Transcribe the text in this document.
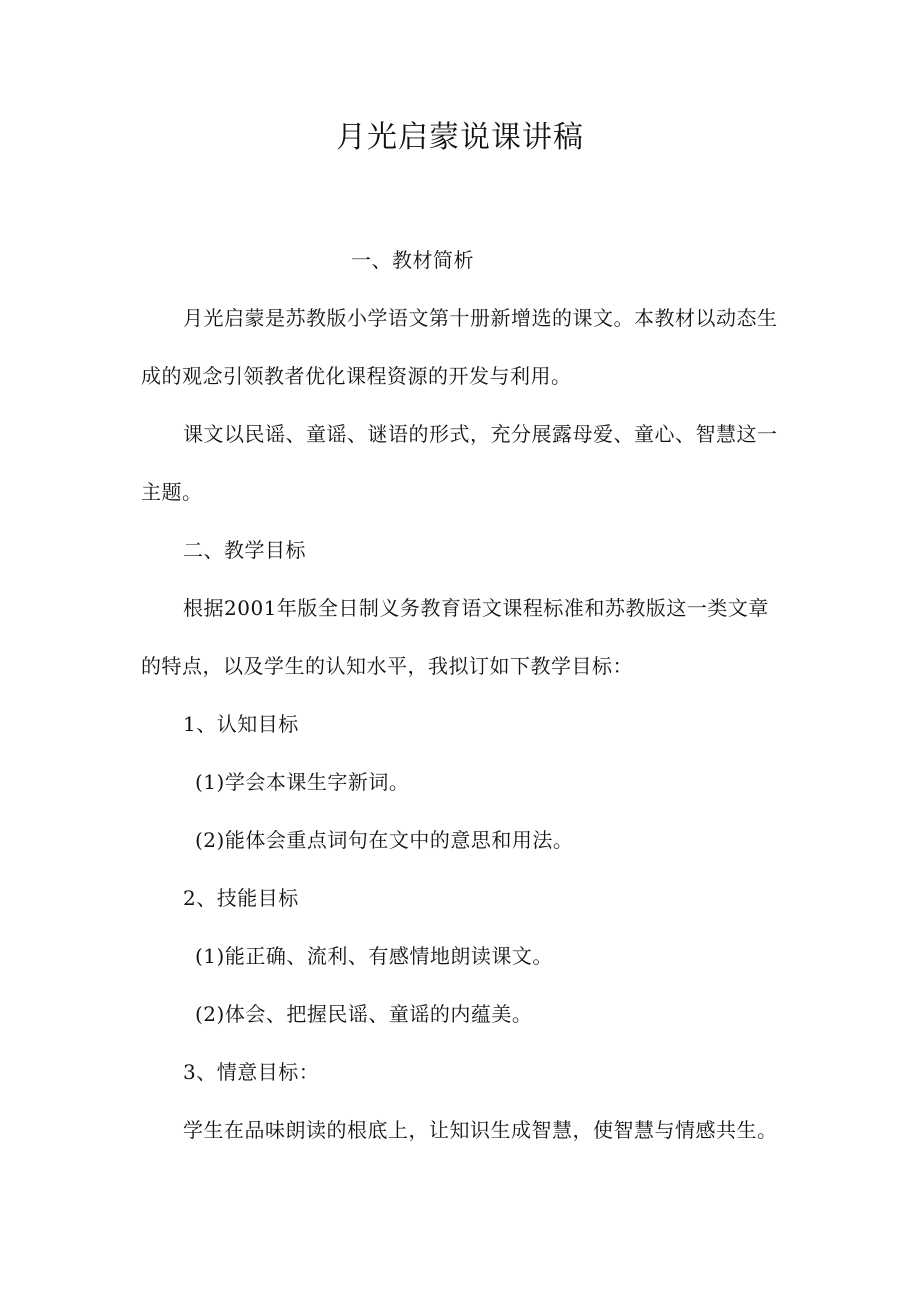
月光启蒙说课讲稿

一、教材简析

月光启蒙是苏教版小学语文第十册新增选的课文。本教材以动态生

成的观念引领教者优化课程资源的开发与利用。

课文以民谣、童谣、谜语的形式，充分展露母爱、童心、智慧这一

主题。

二、教学目标

根据2001年版全日制义务教育语文课程标准和苏教版这一类文章

的特点，以及学生的认知水平，我拟订如下教学目标：

1、认知目标

(1)学会本课生字新词。

(2)能体会重点词句在文中的意思和用法。

2、技能目标

(1)能正确、流利、有感情地朗读课文。

(2)体会、把握民谣、童谣的内蕴美。

3、情意目标：

学生在品味朗读的根底上，让知识生成智慧，使智慧与情感共生。
